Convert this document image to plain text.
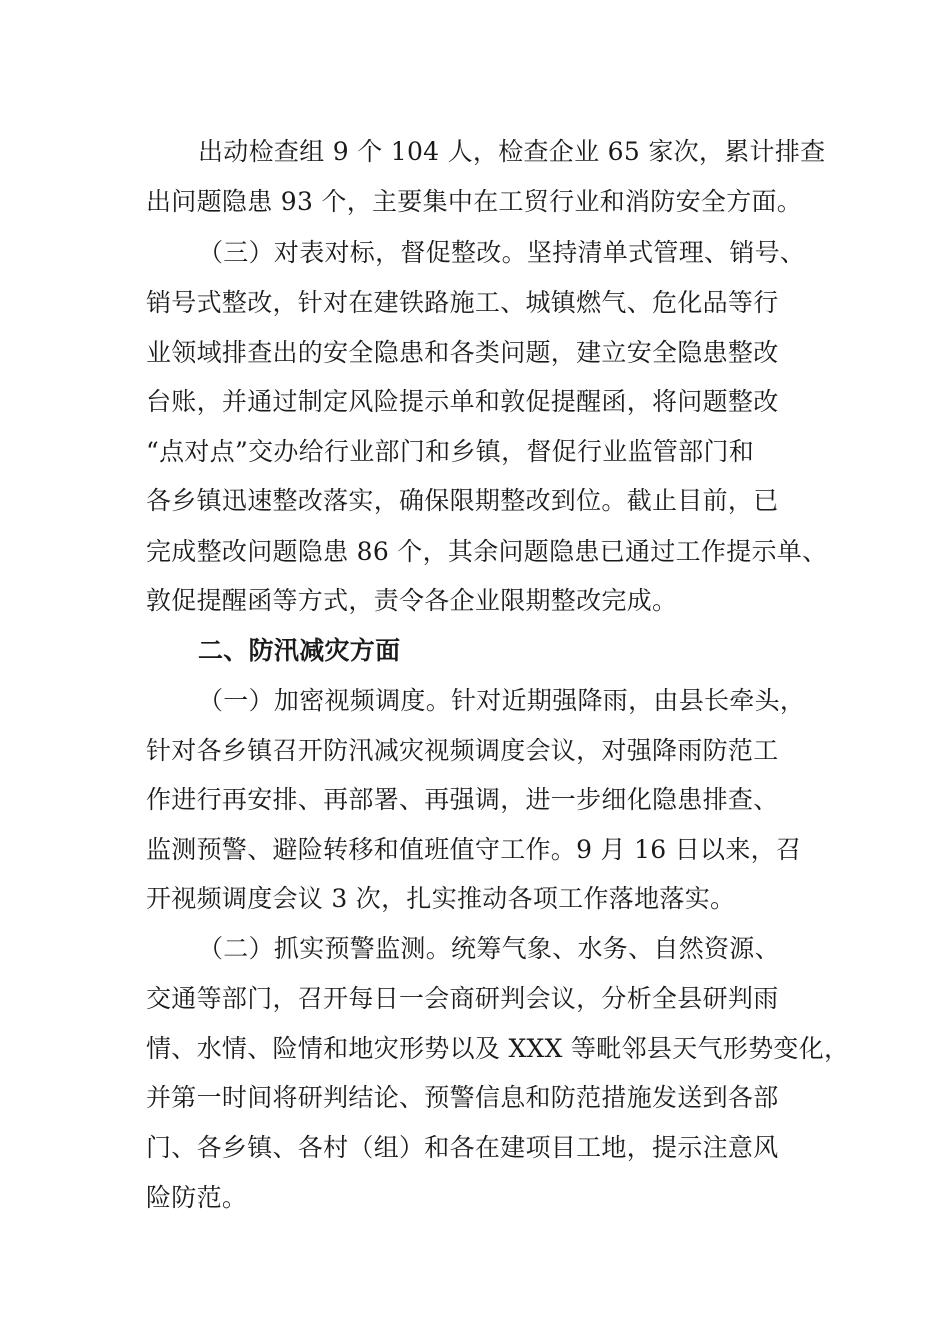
出动检查组 9 个 104 人，检查企业 65 家次，累计排查
出问题隐患 93 个，主要集中在工贸行业和消防安全方面。
（三）对表对标，督促整改。坚持清单式管理、销号、
销号式整改，针对在建铁路施工、城镇燃气、危化品等行
业领域排查出的安全隐患和各类问题，建立安全隐患整改
台账，并通过制定风险提示单和敦促提醒函，将问题整改
“点对点”交办给行业部门和乡镇，督促行业监管部门和
各乡镇迅速整改落实，确保限期整改到位。截止目前，已
完成整改问题隐患 86 个，其余问题隐患已通过工作提示单、
敦促提醒函等方式，责令各企业限期整改完成。
二、防汛减灾方面
（一）加密视频调度。针对近期强降雨，由县长牵头，
针对各乡镇召开防汛减灾视频调度会议，对强降雨防范工
作进行再安排、再部署、再强调，进一步细化隐患排查、
监测预警、避险转移和值班值守工作。9 月 16 日以来，召
开视频调度会议 3 次，扎实推动各项工作落地落实。
（二）抓实预警监测。统筹气象、水务、自然资源、
交通等部门，召开每日一会商研判会议，分析全县研判雨
情、水情、险情和地灾形势以及 XXX 等毗邻县天气形势变化，
并第一时间将研判结论、预警信息和防范措施发送到各部
门、各乡镇、各村（组）和各在建项目工地，提示注意风
险防范。
